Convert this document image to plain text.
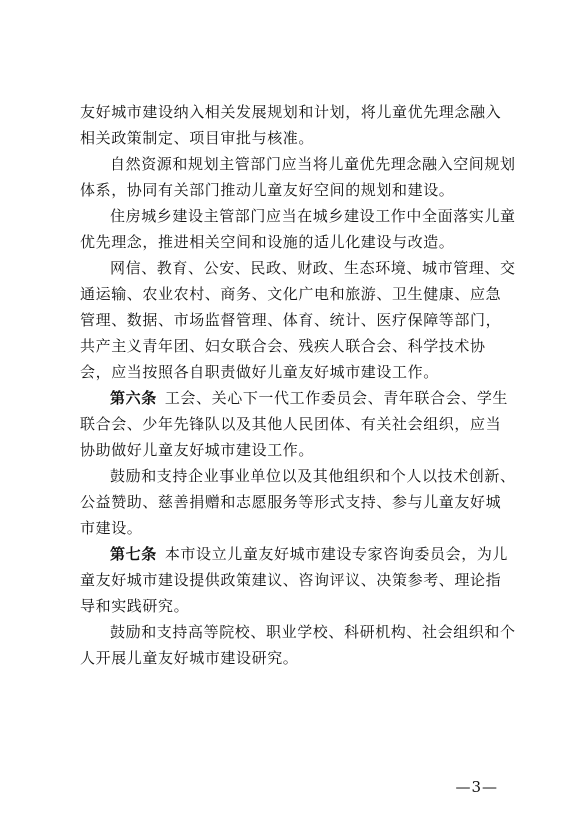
友好城市建设纳入相关发展规划和计划，将儿童优先理念融入相关政策制定、项目审批与核准。

自然资源和规划主管部门应当将儿童优先理念融入空间规划体系，协同有关部门推动儿童友好空间的规划和建设。

住房城乡建设主管部门应当在城乡建设工作中全面落实儿童优先理念，推进相关空间和设施的适儿化建设与改造。

网信、教育、公安、民政、财政、生态环境、城市管理、交通运输、农业农村、商务、文化广电和旅游、卫生健康、应急管理、数据、市场监督管理、体育、统计、医疗保障等部门，共产主义青年团、妇女联合会、残疾人联合会、科学技术协会，应当按照各自职责做好儿童友好城市建设工作。

第六条 工会、关心下一代工作委员会、青年联合会、学生联合会、少年先锋队以及其他人民团体、有关社会组织，应当协助做好儿童友好城市建设工作。

鼓励和支持企业事业单位以及其他组织和个人以技术创新、公益赞助、慈善捐赠和志愿服务等形式支持、参与儿童友好城市建设。

第七条 本市设立儿童友好城市建设专家咨询委员会，为儿童友好城市建设提供政策建议、咨询评议、决策参考、理论指导和实践研究。

鼓励和支持高等院校、职业学校、科研机构、社会组织和个人开展儿童友好城市建设研究。

—3—
